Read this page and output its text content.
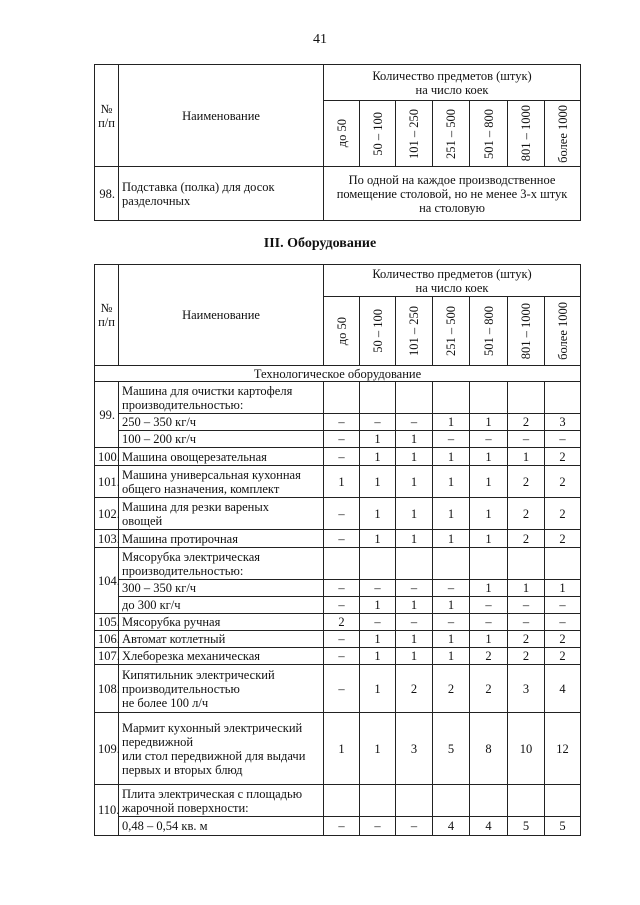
41
№
п/п	Наименование	Количество предметов (штук)
на число коек						

		до 50	50 – 100	101 – 250	251 – 500	501 – 800	801 – 1000	более 1000

98.	Подставка (полка) для досок
разделочных	По одной на каждое производственное
помещение столовой, но не менее 3-х штук
на столовую						
III. Оборудование
№
п/п	Наименование	Количество предметов (штук)
на число коек						

		до 50	50 – 100	101 – 250	251 – 500	501 – 800	801 – 1000	более 1000

Технологическое оборудование								
99.	Машина для очистки картофеля
производительностью:							
	250 – 350 кг/ч	–	–	–	1	1	2	3
	100 – 200 кг/ч	–	1	1	–	–	–	–
100.	Машина овощерезательная	–	1	1	1	1	1	2
101.	Машина универсальная кухонная
общего назначения, комплект	1	1	1	1	1	2	2
102.	Машина для резки вареных
овощей	–	1	1	1	1	2	2
103.	Машина протирочная	–	1	1	1	1	2	2
104.	Мясорубка электрическая
производительностью:							
	300 – 350 кг/ч	–	–	–	–	1	1	1
	до 300 кг/ч	–	1	1	1	–	–	–
105.	Мясорубка ручная	2	–	–	–	–	–	–
106.	Автомат котлетный	–	1	1	1	1	2	2
107.	Хлеборезка механическая	–	1	1	1	2	2	2
108.	Кипятильник электрический
производительностью
не более 100 л/ч	–	1	2	2	2	3	4
109.	Мармит кухонный электрический
передвижной
или стол передвижной для выдачи
первых и вторых блюд	1	1	3	5	8	10	12
110.	Плита электрическая с площадью
жарочной поверхности:							
	0,48 – 0,54 кв. м	–	–	–	4	4	5	5
